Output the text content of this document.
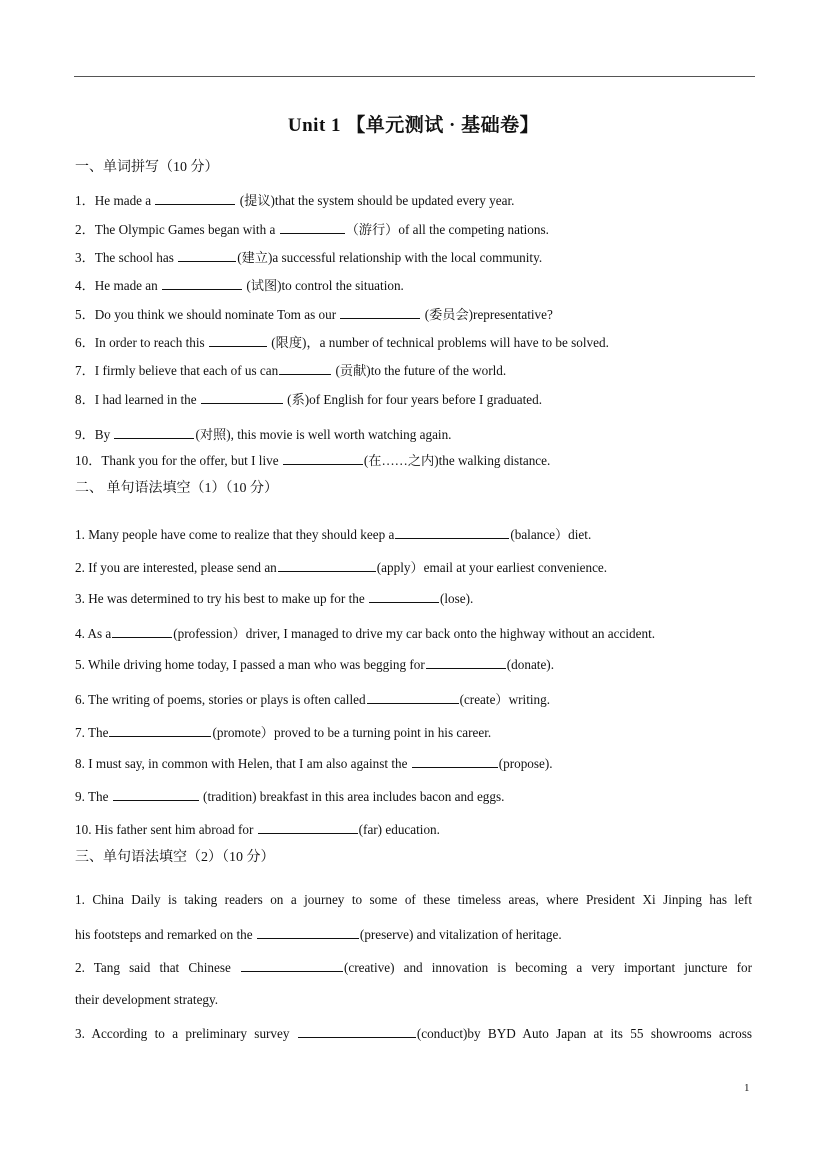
Unit 1 【单元测试 · 基础卷】
一、单词拼写（10 分）
1．He made a	(提议)that the system should be updated every year.
2．The Olympic Games began with a	（游行）of all the competing nations.
3．The school has	(建立)a successful relationship with the local community.
4．He made an	(试图)to control the situation.
5．Do you think we should nominate Tom as our	(委员会)representative?
6．In order to reach this	(限度)，a number of technical problems will have to be solved.
7．I firmly believe that each of us can	(贡献)to the future of the world.
8．I had learned in the	(系)of English for four years before I graduated.
9．By	(对照), this movie is well worth watching again.
10．Thank you for the offer, but I live	(在……之内)the walking distance.
二、 单句语法填空（1）（10 分）
1. Many people have come to realize that they should keep a	(balance）diet.
2. If you are interested, please send an	(apply）email at your earliest convenience.
3. He was determined to try his best to make up for the	(lose).
4. As a	(profession）driver, I managed to drive my car back onto the highway without an accident.
5. While driving home today, I passed a man who was begging for	(donate).
6. The writing of poems, stories or plays is often called	(create）writing.
7. The	(promote）proved to be a turning point in his career.
8. I must say, in common with Helen, that I am also against the	(propose).
9. The	(tradition) breakfast in this area includes bacon and eggs.
10. His father sent him abroad for	(far) education.
三、单句语法填空（2）（10 分）
1. China Daily is taking readers on a journey to some of these timeless areas, where President Xi Jinping has left
his footsteps and remarked on the	(preserve) and vitalization of heritage.
2. Tang said that Chinese	(creative) and innovation is becoming a very important juncture for
their development strategy.
3. According to a preliminary survey	(conduct)by BYD Auto Japan at its 55 showrooms across
1
